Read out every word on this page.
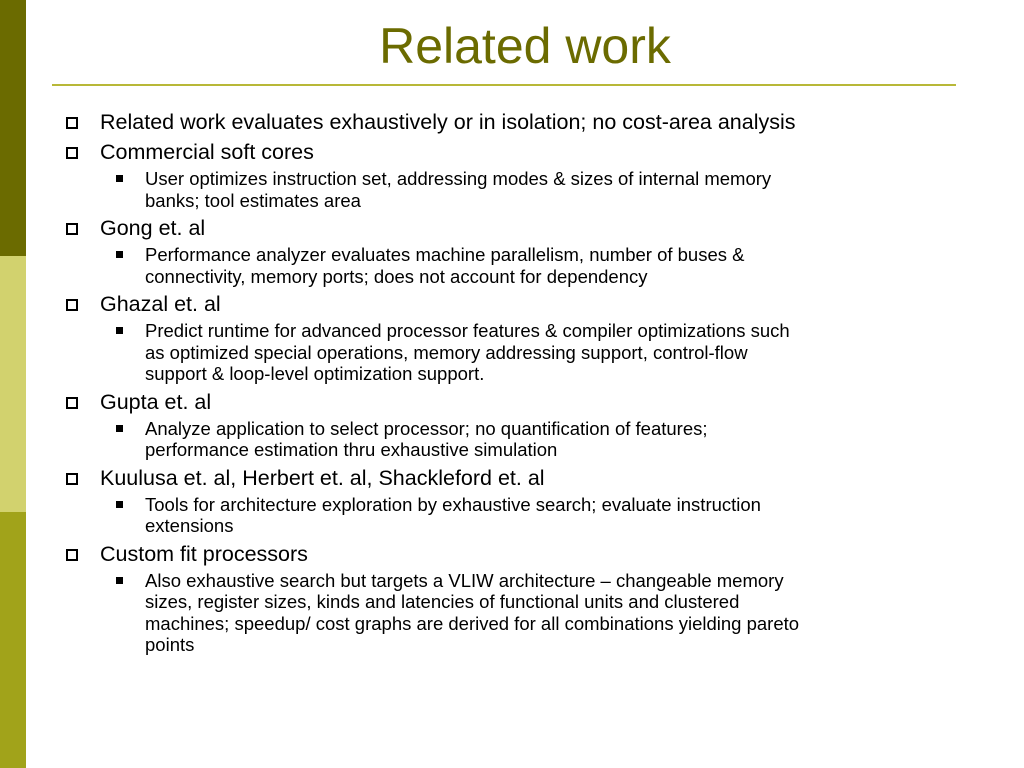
Related work
Related work evaluates exhaustively or in isolation; no cost-area analysis
Commercial soft cores
User optimizes instruction set, addressing modes & sizes of internal memory
banks; tool estimates area
Gong et. al
Performance analyzer evaluates machine parallelism, number of buses &
connectivity, memory ports; does not account for dependency
Ghazal et. al
Predict runtime for advanced processor features & compiler optimizations such
as optimized special operations, memory addressing support, control-flow
support & loop-level optimization support.
Gupta et. al
Analyze application to select processor; no quantification of features;
performance estimation thru exhaustive simulation
Kuulusa et. al, Herbert et. al, Shackleford et. al
Tools for architecture exploration by exhaustive search; evaluate instruction
extensions
Custom fit processors
Also exhaustive search but targets a VLIW architecture – changeable memory
sizes, register sizes, kinds and latencies of functional units and clustered
machines; speedup/ cost graphs are derived for all combinations yielding pareto
points
